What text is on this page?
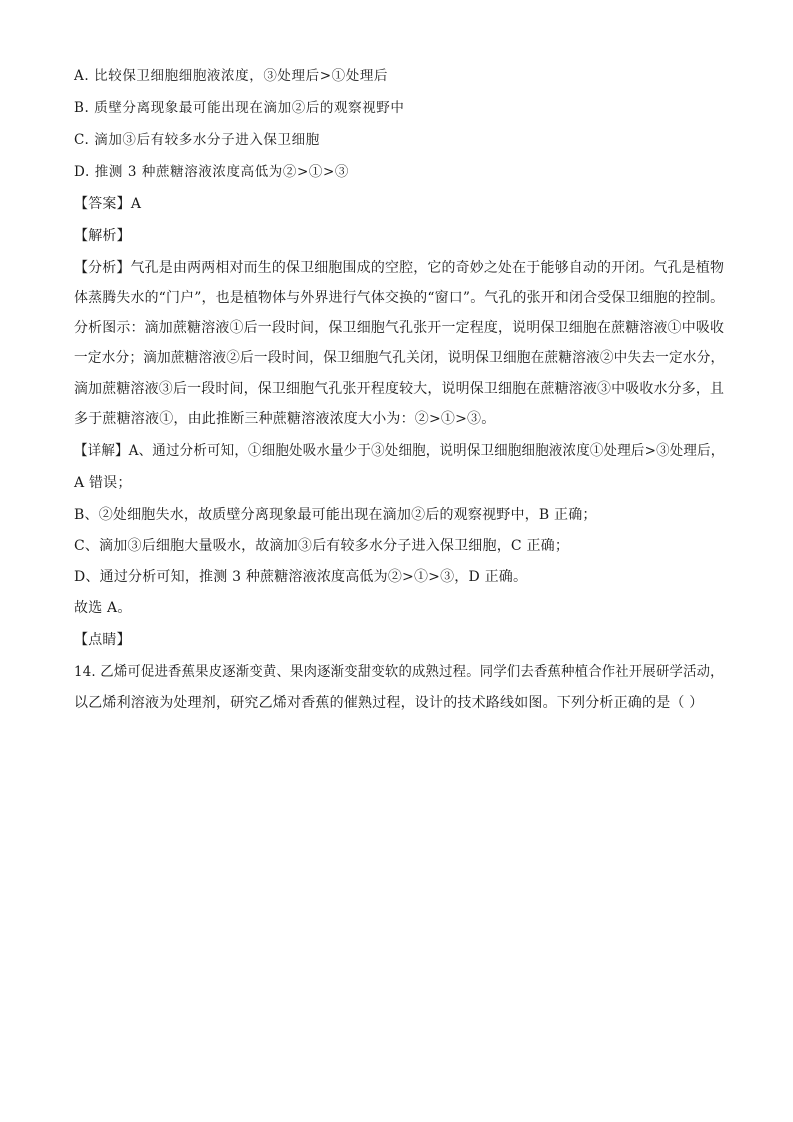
A. 比较保卫细胞细胞液浓度，③处理后>①处理后
B. 质壁分离现象最可能出现在滴加②后的观察视野中
C. 滴加③后有较多水分子进入保卫细胞
D. 推测 3 种蔗糖溶液浓度高低为②>①>③
【答案】A
【解析】
【分析】气孔是由两两相对而生的保卫细胞围成的空腔，它的奇妙之处在于能够自动的开闭。气孔是植物
体蒸腾失水的“门户”，也是植物体与外界进行气体交换的“窗口”。气孔的张开和闭合受保卫细胞的控制。
分析图示：滴加蔗糖溶液①后一段时间，保卫细胞气孔张开一定程度，说明保卫细胞在蔗糖溶液①中吸收
一定水分；滴加蔗糖溶液②后一段时间，保卫细胞气孔关闭，说明保卫细胞在蔗糖溶液②中失去一定水分，
滴加蔗糖溶液③后一段时间，保卫细胞气孔张开程度较大，说明保卫细胞在蔗糖溶液③中吸收水分多，且
多于蔗糖溶液①，由此推断三种蔗糖溶液浓度大小为：②>①>③。
【详解】A、通过分析可知，①细胞处吸水量少于③处细胞，说明保卫细胞细胞液浓度①处理后>③处理后，
A 错误；
B、②处细胞失水，故质壁分离现象最可能出现在滴加②后的观察视野中，B 正确；
C、滴加③后细胞大量吸水，故滴加③后有较多水分子进入保卫细胞，C 正确；
D、通过分析可知，推测 3 种蔗糖溶液浓度高低为②>①>③，D 正确。
故选 A。
【点睛】
14. 乙烯可促进香蕉果皮逐渐变黄、果肉逐渐变甜变软的成熟过程。同学们去香蕉种植合作社开展研学活动，
以乙烯利溶液为处理剂，研究乙烯对香蕉的催熟过程，设计的技术路线如图。下列分析正确的是（ ）
